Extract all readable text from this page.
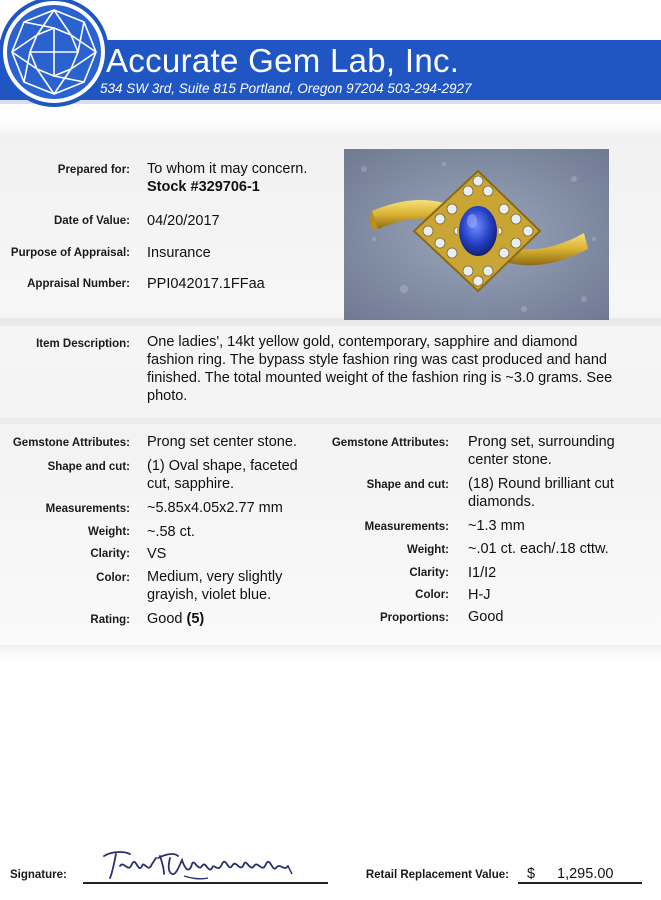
Accurate Gem Lab, Inc.
534 SW 3rd, Suite 815 Portland, Oregon 97204 503-294-2927
Prepared for: To whom it may concern.
Stock #329706-1
Date of Value: 04/20/2017
Purpose of Appraisal: Insurance
Appraisal Number: PPI042017.1FFaa
Item Description: One ladies', 14kt yellow gold, contemporary, sapphire and diamond
fashion ring. The bypass style fashion ring was cast produced and hand
finished. The total mounted weight of the fashion ring is ~3.0 grams. See
photo.
Gemstone Attributes: Prong set center stone.
Shape and cut: (1) Oval shape, faceted
cut, sapphire.
Measurements: ~5.85x4.05x2.77 mm
Weight: ~.58 ct.
Clarity: VS
Color: Medium, very slightly
grayish, violet blue.
Rating: Good (5)
Gemstone Attributes: Prong set, surrounding
center stone.
Shape and cut: (18) Round brilliant cut
diamonds.
Measurements: ~1.3 mm
Weight: ~.01 ct. each/.18 cttw.
Clarity: I1/I2
Color: H-J
Proportions: Good
Signature:	Retail Replacement Value: $ 1,295.00
